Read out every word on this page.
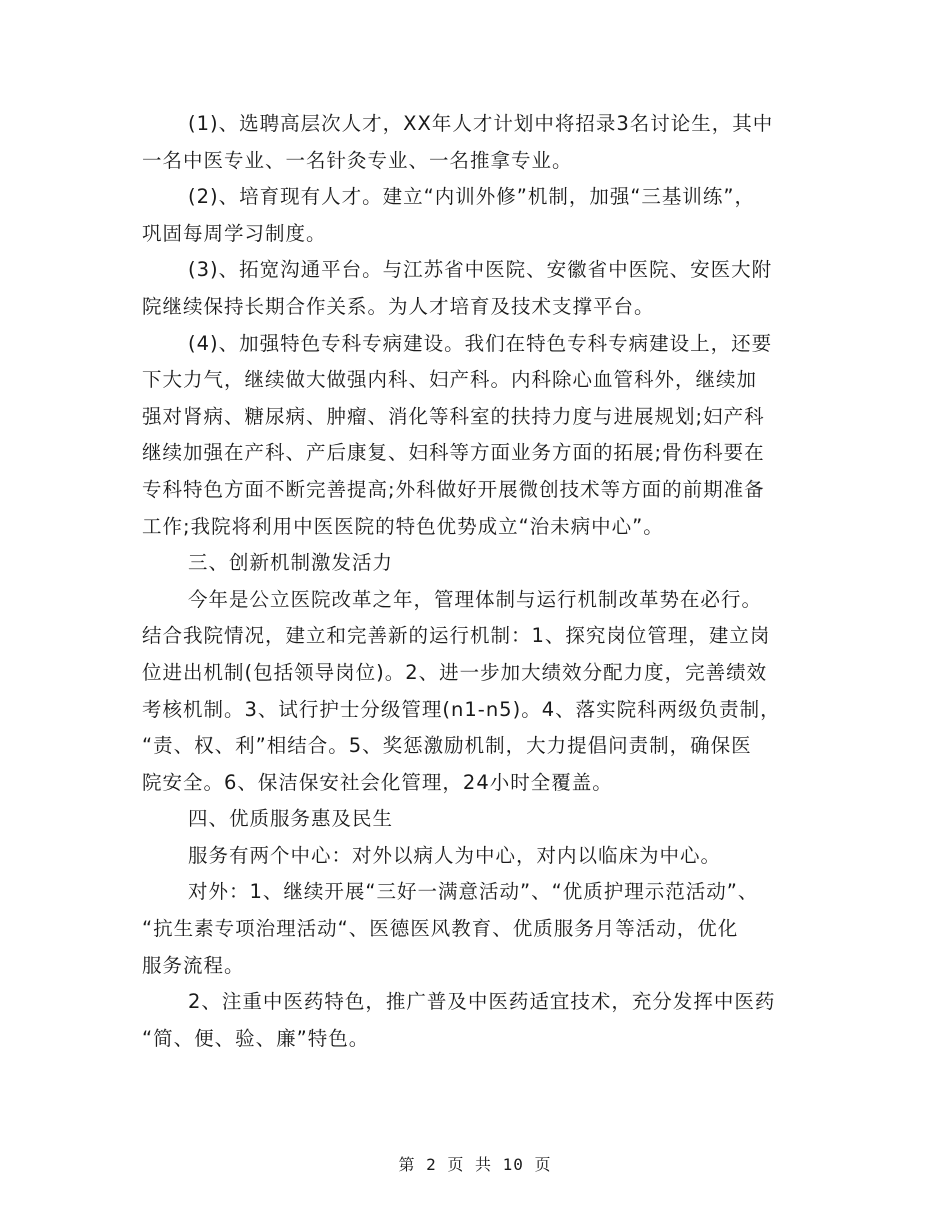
(1)、选聘高层次人才，XX年人才计划中将招录3名讨论生，其中
一名中医专业、一名针灸专业、一名推拿专业。
(2)、培育现有人才。建立“内训外修”机制，加强“三基训练”，
巩固每周学习制度。
(3)、拓宽沟通平台。与江苏省中医院、安徽省中医院、安医大附
院继续保持长期合作关系。为人才培育及技术支撑平台。
(4)、加强特色专科专病建设。我们在特色专科专病建设上，还要
下大力气，继续做大做强内科、妇产科。内科除心血管科外，继续加
强对肾病、糖尿病、肿瘤、消化等科室的扶持力度与进展规划;妇产科
继续加强在产科、产后康复、妇科等方面业务方面的拓展;骨伤科要在
专科特色方面不断完善提高;外科做好开展微创技术等方面的前期准备
工作;我院将利用中医医院的特色优势成立“治未病中心”。
三、创新机制激发活力
今年是公立医院改革之年，管理体制与运行机制改革势在必行。
结合我院情况，建立和完善新的运行机制：1、探究岗位管理，建立岗
位进出机制(包括领导岗位)。2、进一步加大绩效分配力度，完善绩效
考核机制。3、试行护士分级管理(n1-n5)。4、落实院科两级负责制，
“责、权、利”相结合。5、奖惩激励机制，大力提倡问责制，确保医
院安全。6、保洁保安社会化管理，24小时全覆盖。
四、优质服务惠及民生
服务有两个中心：对外以病人为中心，对内以临床为中心。
对外：1、继续开展“三好一满意活动”、“优质护理示范活动”、
“抗生素专项治理活动“、医德医风教育、优质服务月等活动，优化
服务流程。
2、注重中医药特色，推广普及中医药适宜技术，充分发挥中医药
“简、便、验、廉”特色。
第 2 页 共 10 页
